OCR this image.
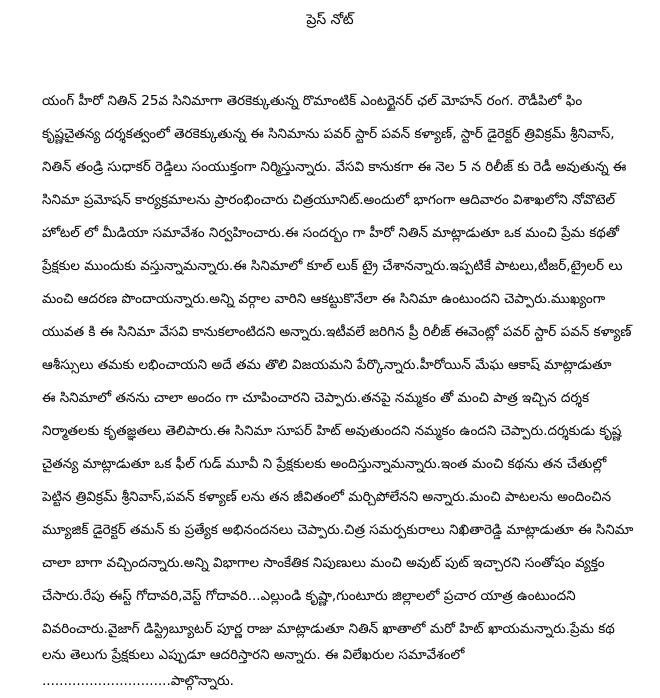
ప్రెస్ నోట్
యంగ్ హీరో నితిన్ 25వ సినిమాగా తెరకెక్కుతున్న రొమాంటిక్ ఎంటర్టైనర్ ఛల్ మోహన్ రంగ. రౌడీపిలో ఫిం
కృష్ణచైతన్య దర్శకత్వంలో తెరకెక్కుతున్న ఈ సినిమాను పవర్ స్టార్ పవన్ కళ్యాణ్, స్టార్ డైరెక్టర్ త్రివిక్రమ్ శ్రీనివాస్,
నితిన్ తండ్రి సుధాకర్ రెడ్డిలు సంయుక్తంగా నిర్మిస్తున్నారు. వేసవి కానుకగా ఈ నెల 5 న రిలీజ్ కు రెడీ అవుతున్న ఈ
సినిమా ప్రమోషన్ కార్యక్రమాలను ప్రారంభించారు చిత్రయూనిట్.అందులో భాగంగా ఆదివారం విశాఖలోని నోవొటెల్
హోటల్ లో మీడియా సమావేశం నిర్వహించారు.ఈ సందర్బం గా హీరో నితిన్ మాట్లాడుతూ ఒక మంచి ప్రేమ కథతో
ప్రేక్షకుల ముందుకు వస్తున్నామన్నారు.ఈ సినిమాలో కూల్ లుక్ ట్రై చేశానన్నారు.ఇప్పటికే పాటలు,టీజర్,ట్రైలర్ లు
మంచి ఆదరణ పొందాయన్నారు.అన్ని వర్గాల వారిని ఆకట్టుకొనేలా ఈ సినిమా ఉంటుందని చెప్పారు.ముఖ్యంగా
యువత కి ఈ సినిమా వేసవి కానుకలాంటిదని అన్నారు.ఇటీవలే జరిగిన ప్రీ రిలీజ్ ఈవెంట్లో పవర్ స్టార్ పవన్ కళ్యాణ్
ఆశీస్సులు తమకు లభించాయని అదే తమ తొలి విజయమని పేర్కొన్నారు.హీరోయిన్ మేఘ ఆకాష్ మాట్లాడుతూ
ఈ సినిమాలో తనను చాలా అందం గా చూపించారని చెప్పారు.తనపై నమ్మకం తో మంచి పాత్ర ఇచ్చిన దర్శక
నిర్మాతలకు కృతజ్ఞతలు తెలిపారు.ఈ సినిమా సూపర్ హిట్ అవుతుందని నమ్మకం ఉందని చెప్పారు.దర్శకుడు కృష్ణ
చైతన్య మాట్లాడుతూ ఒక ఫీల్ గుడ్ మూవీ ని ప్రేక్షకులకు అందిస్తున్నామన్నారు.ఇంత మంచి కథను తన చేతుల్లో
పెట్టిన త్రివిక్రమ్ శ్రీనివాస్,పవన్ కళ్యాణ్ లను తన జీవితంలో మర్చిపోలేనని అన్నారు.మంచి పాటలను అందించిన
మ్యూజిక్ డైరెక్టర్ తమన్ కు ప్రత్యేక అభినందనలు చెప్పారు.చిత్ర సమర్పకురాలు నిఖితారెడ్డి మాట్లాడుతూ ఈ సినిమా
చాలా బాగా వచ్చిందన్నారు.అన్ని విభాగాల సాంకేతిక నిపుణులు మంచి అవుట్ పుట్ ఇచ్చారని సంతోషం వ్యక్తం
చేసారు.రేపు ఈస్ట్ గోదావరి,వెస్ట్ గోదావరి...ఎల్లుండి కృష్ణా,గుంటూరు జిల్లాలలో ప్రచార యాత్ర ఉంటుందని
వివరించారు.వైజాగ్ డిస్ట్రిబ్యూటర్ పూర్ణ రాజు మాట్లాడుతూ నితిన్ ఖాతాలో మరో హిట్ ఖాయమన్నారు.ప్రేమ కథ
లను తెలుగు ప్రేక్షకులు ఎప్పుడూ ఆదరిస్తారని అన్నారు. ఈ విలేఖరుల సమావేశంలో
..............................పాల్గొన్నారు.
